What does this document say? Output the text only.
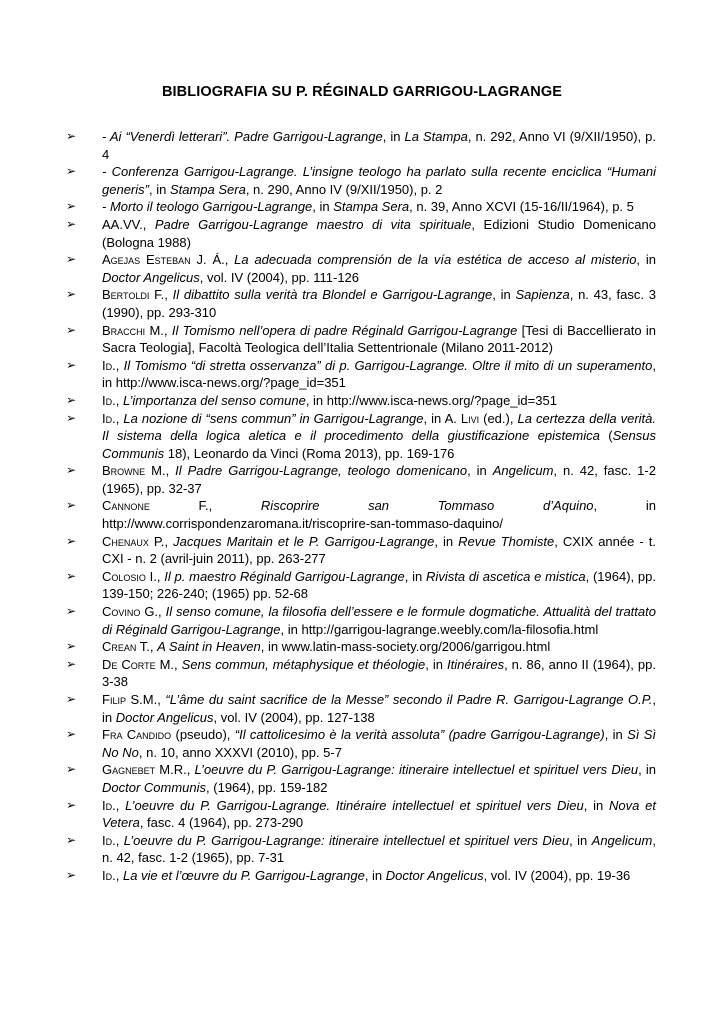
BIBLIOGRAFIA SU P. RÉGINALD GARRIGOU-LAGRANGE
➢	- Ai “Venerdì letterari”. Padre Garrigou-Lagrange, in La Stampa, n. 292, Anno VI (9/XII/1950), p. 4
➢	- Conferenza Garrigou-Lagrange. L’insigne teologo ha parlato sulla recente enciclica “Humani generis”, in Stampa Sera, n. 290, Anno IV (9/XII/1950), p. 2
➢	- Morto il teologo Garrigou-Lagrange, in Stampa Sera, n. 39, Anno XCVI (15-16/II/1964), p. 5
➢	AA.VV., Padre Garrigou-Lagrange maestro di vita spirituale, Edizioni Studio Domenicano (Bologna 1988)
➢	Agejas Esteban J. Á., La adecuada comprensión de la vía estética de acceso al misterio, in Doctor Angelicus, vol. IV (2004), pp. 111-126
➢	Bertoldi F., Il dibattito sulla verità tra Blondel e Garrigou-Lagrange, in Sapienza, n. 43, fasc. 3 (1990), pp. 293-310
➢	Bracchi M., Il Tomismo nell’opera di padre Réginald Garrigou-Lagrange [Tesi di Baccellierato in Sacra Teologia], Facoltà Teologica dell’Italia Settentrionale (Milano 2011-2012)
➢	Id., Il Tomismo “di stretta osservanza” di p. Garrigou-Lagrange. Oltre il mito di un superamento, in http://www.isca-news.org/?page_id=351
➢	Id., L’importanza del senso comune, in http://www.isca-news.org/?page_id=351
➢	Id., La nozione di “sens commun” in Garrigou-Lagrange, in A. Livi (ed.), La certezza della verità. Il sistema della logica aletica e il procedimento della giustificazione epistemica (Sensus Communis 18), Leonardo da Vinci (Roma 2013), pp. 169-176
➢	Browne M., Il Padre Garrigou-Lagrange, teologo domenicano, in Angelicum, n. 42, fasc. 1-2 (1965), pp. 32-37
➢	Cannone	F.,	Riscoprire	san	Tommaso	d’Aquino,	in
http://www.corrispondenzaromana.it/riscoprire-san-tommaso-daquino/
➢	Chenaux P., Jacques Maritain et le P. Garrigou-Lagrange, in Revue Thomiste, CXIX année - t. CXI - n. 2 (avril-juin 2011), pp. 263-277
➢	Colosio I., Il p. maestro Réginald Garrigou-Lagrange, in Rivista di ascetica e mistica, (1964), pp. 139-150; 226-240; (1965) pp. 52-68
➢	Covino G., Il senso comune, la filosofia dell’essere e le formule dogmatiche. Attualità del trattato di Réginald Garrigou-Lagrange, in http://garrigou-lagrange.weebly.com/la-filosofia.html
➢	Crean T., A Saint in Heaven, in www.latin-mass-society.org/2006/garrigou.html
➢	De Corte M., Sens commun, métaphysique et théologie, in Itinéraires, n. 86, anno II (1964), pp. 3-38
➢	Filip S.M., “L’âme du saint sacrifice de la Messe” secondo il Padre R. Garrigou-Lagrange O.P., in Doctor Angelicus, vol. IV (2004), pp. 127-138
➢	Fra Candido (pseudo), “Il cattolicesimo è la verità assoluta” (padre Garrigou-Lagrange), in Sì Sì No No, n. 10, anno XXXVI (2010), pp. 5-7
➢	Gagnebet M.R., L’oeuvre du P. Garrigou-Lagrange: itineraire intellectuel et spirituel vers Dieu, in Doctor Communis, (1964), pp. 159-182
➢	Id., L’oeuvre du P. Garrigou-Lagrange. Itinéraire intellectuel et spirituel vers Dieu, in Nova et Vetera, fasc. 4 (1964), pp. 273-290
➢	Id., L’oeuvre du P. Garrigou-Lagrange: itineraire intellectuel et spirituel vers Dieu, in Angelicum, n. 42, fasc. 1-2 (1965), pp. 7-31
➢	Id., La vie et l’œuvre du P. Garrigou-Lagrange, in Doctor Angelicus, vol. IV (2004), pp. 19-36
